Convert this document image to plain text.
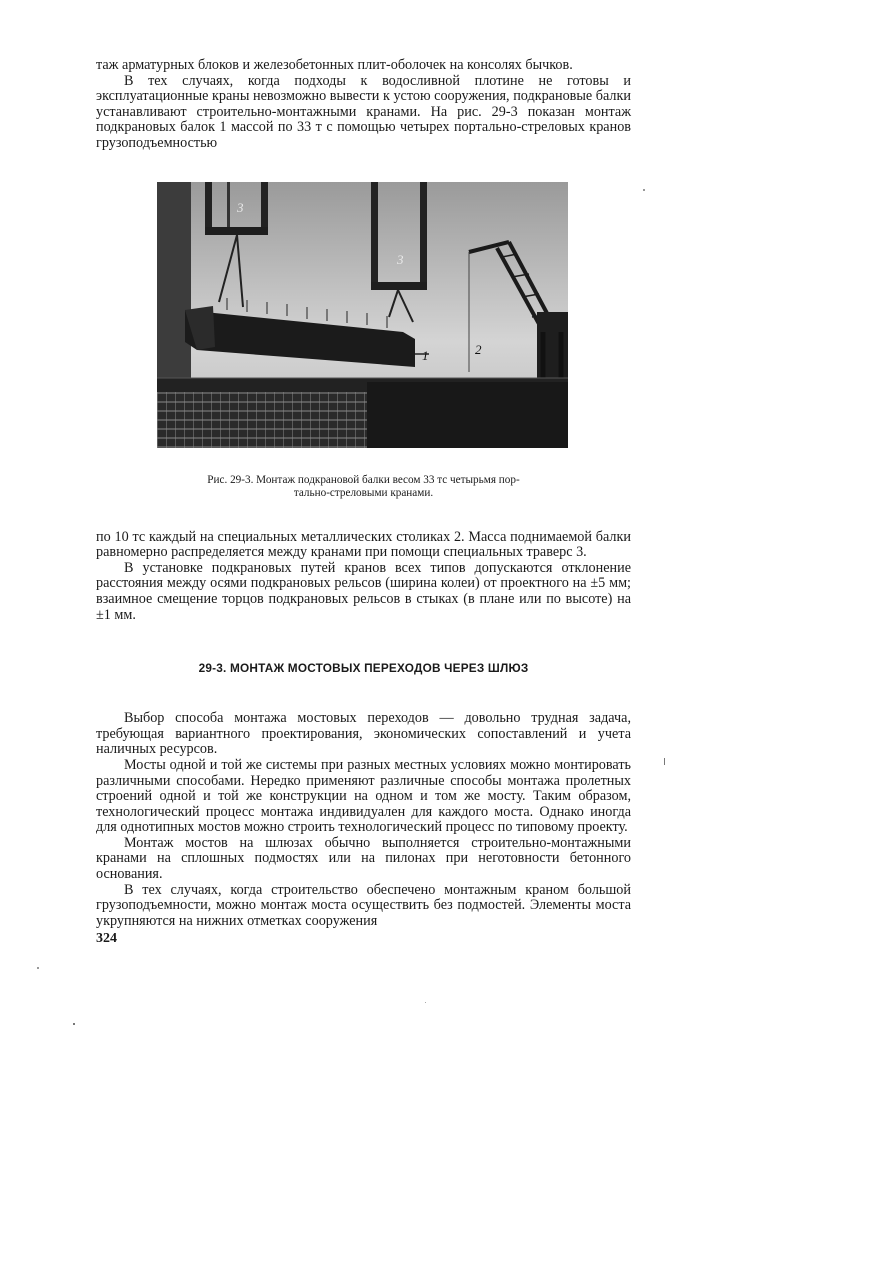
таж арматурных блоков и железобетонных плит-оболочек на консолях бычков.

В тех случаях, когда подходы к водосливной плотине не готовы и эксплуатационные краны невозможно вывести к устою сооружения, подкрановые балки устанавливают строительно-монтажными кранами. На рис. 29-3 показан монтаж подкрановых балок 1 массой по 33 т с помощью четырех портально-стреловых кранов грузоподъемностью

3
3
1	2
Рис. 29-3. Монтаж подкрановой балки весом 33 тс четырьмя пор-
тально-стреловыми кранами.

по 10 тс каждый на специальных металлических столиках 2. Масса поднимаемой балки равномерно распределяется между кранами при помощи специальных траверс 3.

В установке подкрановых путей кранов всех типов допускаются отклонение расстояния между осями подкрановых рельсов (ширина колеи) от проектного на ±5 мм; взаимное смещение торцов подкрановых рельсов в стыках (в плане или по высоте) на ±1 мм.

29-3. МОНТАЖ МОСТОВЫХ ПЕРЕХОДОВ ЧЕРЕЗ ШЛЮЗ

Выбор способа монтажа мостовых переходов — довольно трудная задача, требующая вариантного проектирования, экономических сопоставлений и учета наличных ресурсов.

Мосты одной и той же системы при разных местных условиях можно монтировать различными способами. Нередко применяют различные способы монтажа пролетных строений одной и той же конструкции на одном и том же мосту. Таким образом, технологический процесс монтажа индивидуален для каждого моста. Однако иногда для однотипных мостов можно строить технологический процесс по типовому проекту.

Монтаж мостов на шлюзах обычно выполняется строительно-монтажными кранами на сплошных подмостях или на пилонах при неготовности бетонного основания.

В тех случаях, когда строительство обеспечено монтажным краном большой грузоподъемности, можно монтаж моста осуществить без подмостей. Элементы моста укрупняются на нижних отметках сооружения

324
